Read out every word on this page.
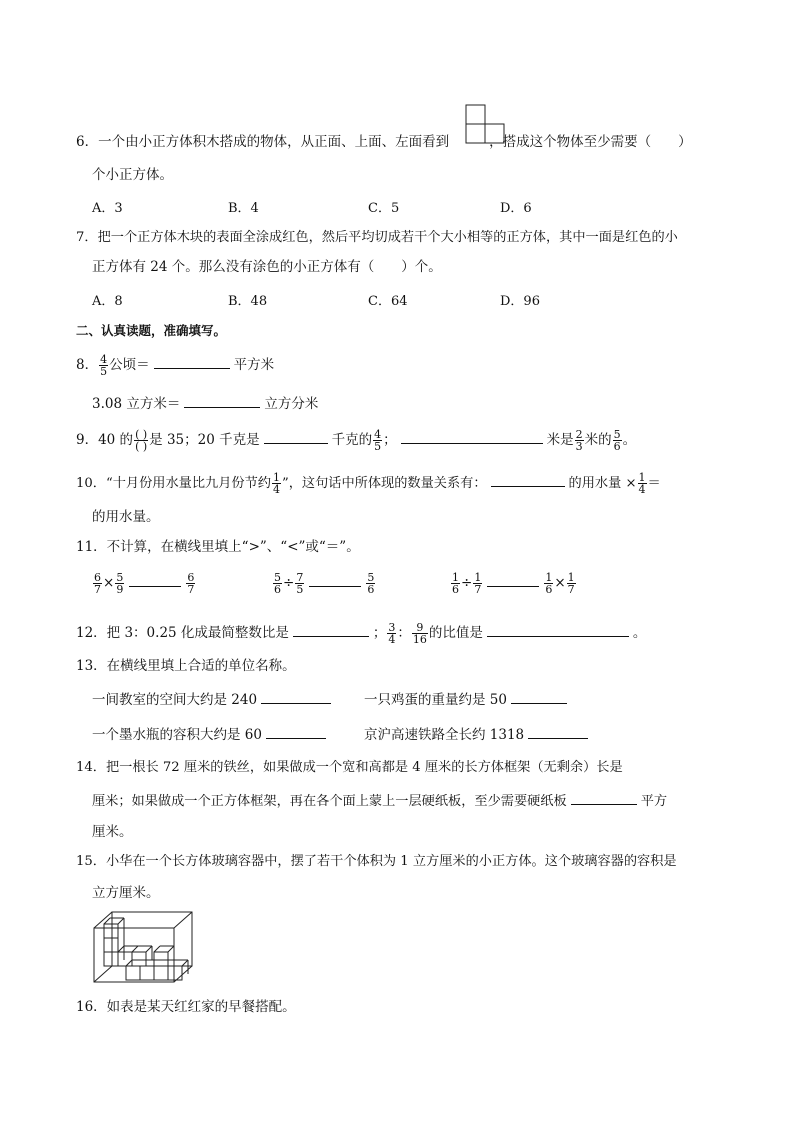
6．一个由小正方体积木搭成的物体，从正面、上面、左面看到	，搭成这个物体至少需要（　　）
个小正方体。
A．3	B．4	C．5	D．6
7．把一个正方体木块的表面全涂成红色，然后平均切成若干个大小相等的正方体，其中一面是红色的小
正方体有 24 个。那么没有涂色的小正方体有（　　）个。
A．8	B．48	C．64	D．96
二、认真读题，准确填写。
8． $\frac{4}{5}$ 公顷＝	平方米
3.08 立方米＝	立方分米
9．40 的 $\frac{( )}{( )}$ 是 35；20 千克是	千克的 $\frac{4}{5}$ ；	米是 $\frac{2}{3}$ 米的 $\frac{5}{6}$ 。
10．“十月份用水量比九月份节约 $\frac{1}{4}$ ”，这句话中所体现的数量关系有：	的用水量 × $\frac{1}{4}$ ＝
的用水量。
11．不计算，在横线里填上“>”、“<”或“＝”。
$\frac{6}{7} \times \frac{5}{9}$	$\frac{6}{7}$	$\frac{5}{6} \div \frac{7}{5}$	$\frac{5}{6}$	$\frac{1}{6} \div \frac{1}{7}$	$\frac{1}{6} \times \frac{1}{7}$
12．把 3：0.25 化成最简整数比是	； $\frac{3}{4}$ ： $\frac{9}{16}$ 的比值是	。
13．在横线里填上合适的单位名称。
一间教室的空间大约是 240	一只鸡蛋的重量约是 50
一个墨水瓶的容积大约是 60	京沪高速铁路全长约 1318
14．把一根长 72 厘米的铁丝，如果做成一个宽和高都是 4 厘米的长方体框架（无剩余）长是
厘米；如果做成一个正方体框架，再在各个面上蒙上一层硬纸板，至少需要硬纸板	平方
厘米。
15．小华在一个长方体玻璃容器中，摆了若干个体积为 1 立方厘米的小正方体。这个玻璃容器的容积是
立方厘米。
16．如表是某天红红家的早餐搭配。
